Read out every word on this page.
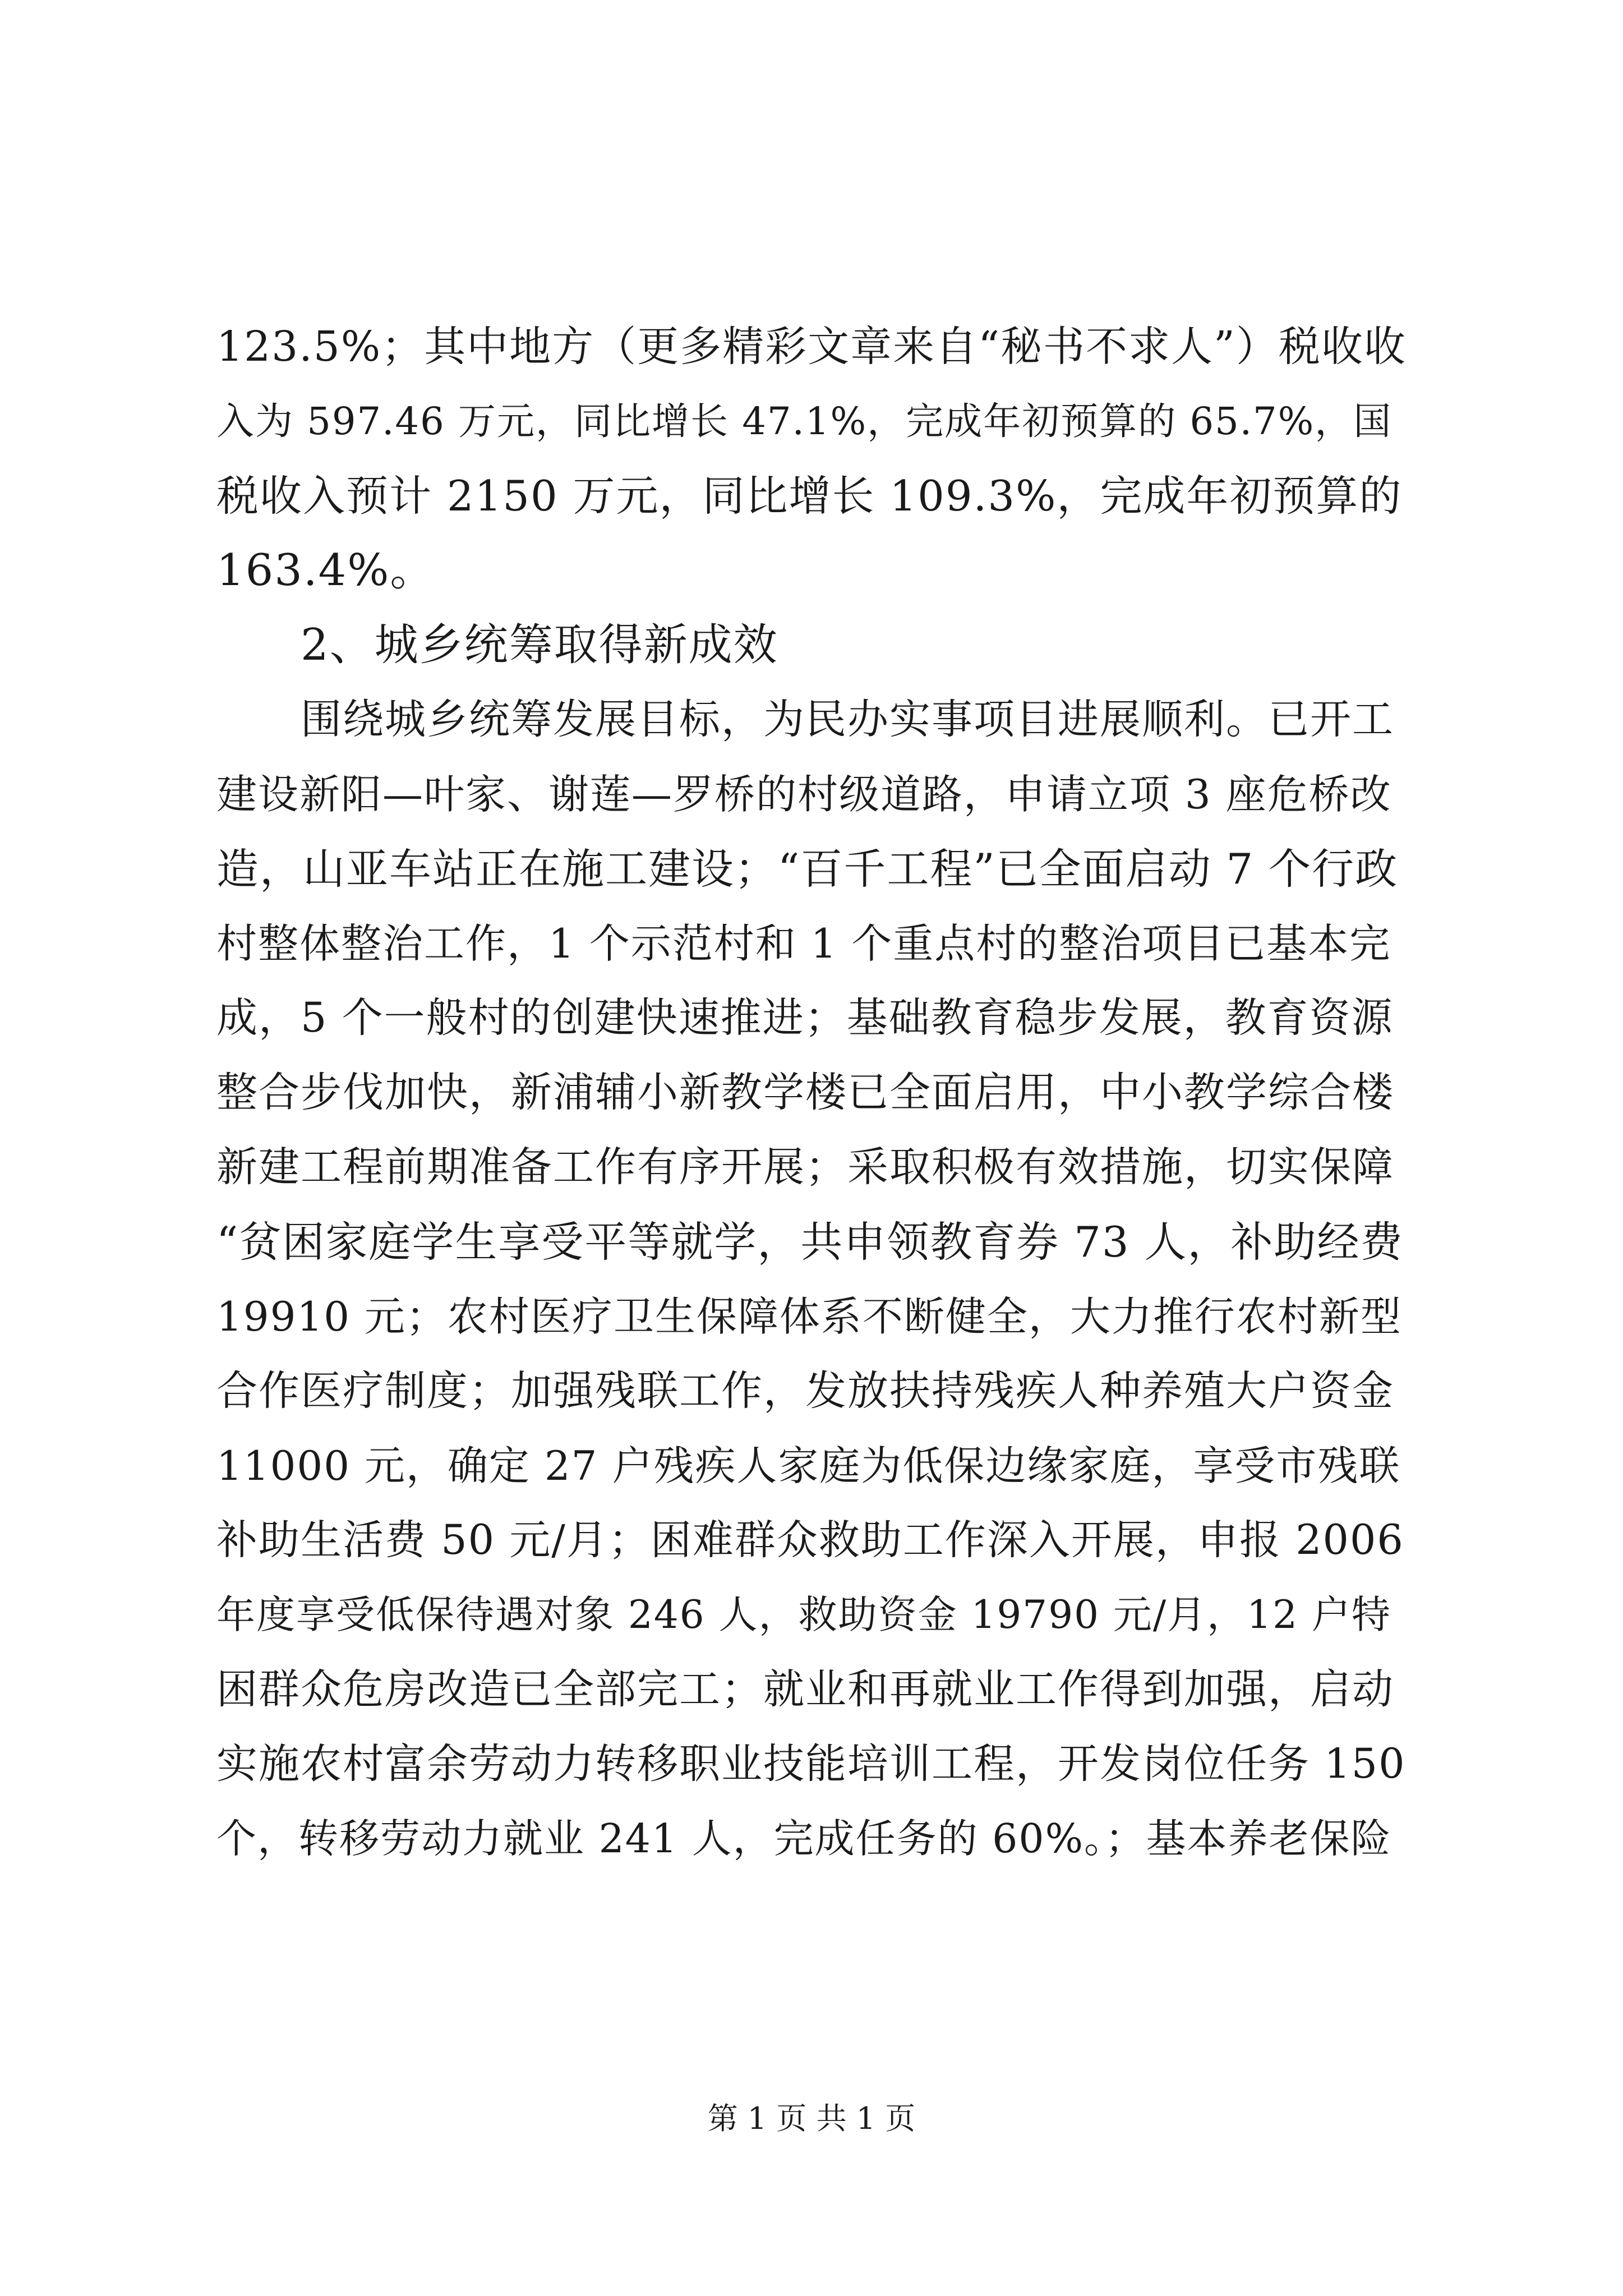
123.5%；其中地方（更多精彩文章来自“秘书不求人”）税收收
入为 597.46 万元，同比增长 47.1%，完成年初预算的 65.7%，国
税收入预计 2150 万元，同比增长 109.3%，完成年初预算的
163.4%。
2、城乡统筹取得新成效
围绕城乡统筹发展目标，为民办实事项目进展顺利。已开工
建设新阳—叶家、谢莲—罗桥的村级道路，申请立项 3 座危桥改
造，山亚车站正在施工建设；“百千工程”已全面启动 7 个行政
村整体整治工作，1 个示范村和 1 个重点村的整治项目已基本完
成，5 个一般村的创建快速推进；基础教育稳步发展，教育资源
整合步伐加快，新浦辅小新教学楼已全面启用，中小教学综合楼
新建工程前期准备工作有序开展；采取积极有效措施，切实保障
“贫困家庭学生享受平等就学，共申领教育券 73 人，补助经费
19910 元；农村医疗卫生保障体系不断健全，大力推行农村新型
合作医疗制度；加强残联工作，发放扶持残疾人种养殖大户资金
11000 元，确定 27 户残疾人家庭为低保边缘家庭，享受市残联
补助生活费 50 元/月；困难群众救助工作深入开展，申报 2006
年度享受低保待遇对象 246 人，救助资金 19790 元/月，12 户特
困群众危房改造已全部完工；就业和再就业工作得到加强，启动
实施农村富余劳动力转移职业技能培训工程，开发岗位任务 150
个，转移劳动力就业 241 人，完成任务的 60%。；基本养老保险
第 1 页 共 1 页
